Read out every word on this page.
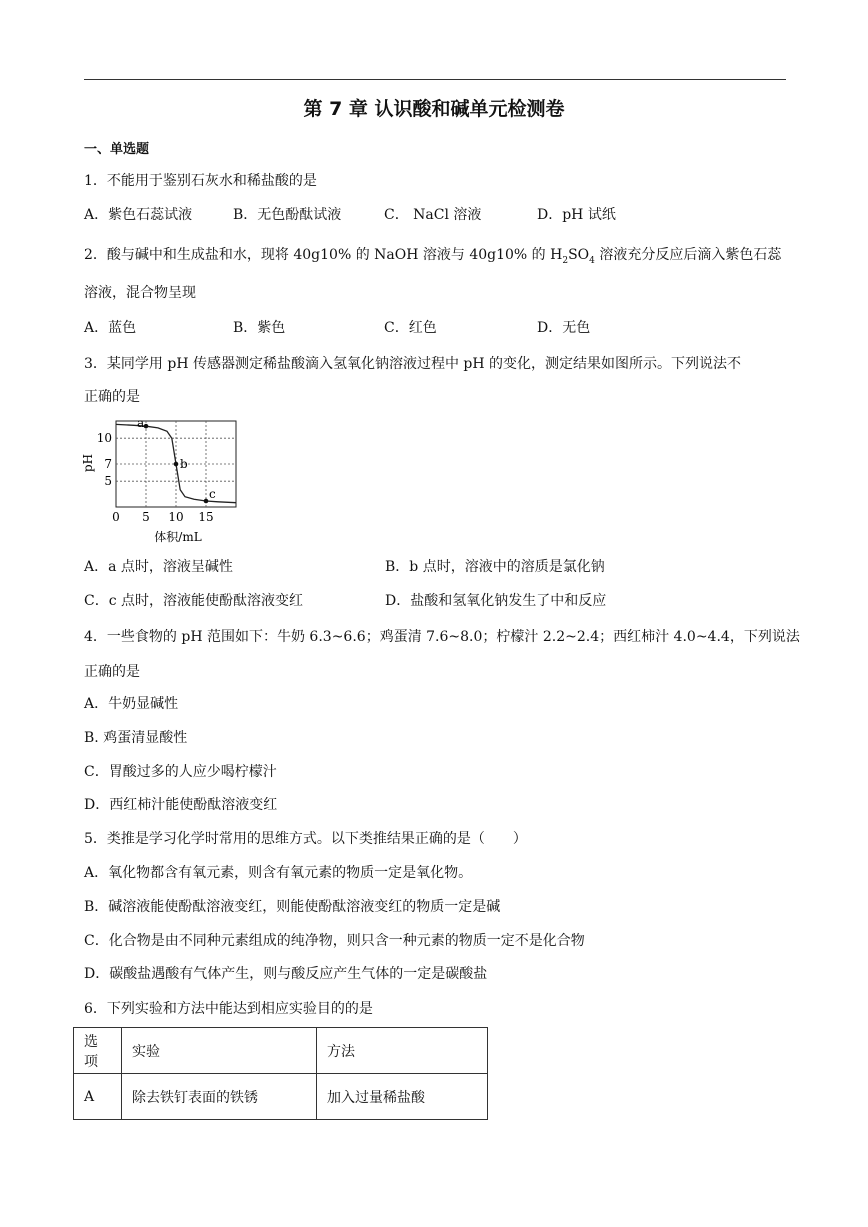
第 7 章 认识酸和碱单元检测卷
一、单选题
1．不能用于鉴别石灰水和稀盐酸的是
A．紫色石蕊试液	B．无色酚酞试液	C． NaCl 溶液	D．pH 试纸
2．酸与碱中和生成盐和水，现将 40g10% 的 NaOH 溶液与 40g10% 的 $H_2SO_4$ 溶液充分反应后滴入紫色石蕊
溶液，混合物呈现
A．蓝色	B．紫色	C．红色	D．无色
3．某同学用 pH 传感器测定稀盐酸滴入氢氧化钠溶液过程中 pH 的变化，测定结果如图所示。下列说法不
正确的是
0 5 10 15
5
7
10
a
b
c
pH
体积/mL
A．a 点时，溶液呈碱性	B．b 点时，溶液中的溶质是氯化钠
C．c 点时，溶液能使酚酞溶液变红	D．盐酸和氢氧化钠发生了中和反应
4．一些食物的 pH 范围如下：牛奶 6.3~6.6；鸡蛋清 7.6~8.0；柠檬汁 2.2~2.4；西红柿汁 4.0~4.4，下列说法
正确的是
A．牛奶显碱性
B. 鸡蛋清显酸性
C．胃酸过多的人应少喝柠檬汁
D．西红柿汁能使酚酞溶液变红
5．类推是学习化学时常用的思维方式。以下类推结果正确的是（　　）
A．氧化物都含有氧元素，则含有氧元素的物质一定是氧化物。
B．碱溶液能使酚酞溶液变红，则能使酚酞溶液变红的物质一定是碱
C．化合物是由不同种元素组成的纯净物，则只含一种元素的物质一定不是化合物
D．碳酸盐遇酸有气体产生，则与酸反应产生气体的一定是碳酸盐
6．下列实验和方法中能达到相应实验目的的是
选项	实验	方法
A	除去铁钉表面的铁锈	加入过量稀盐酸
